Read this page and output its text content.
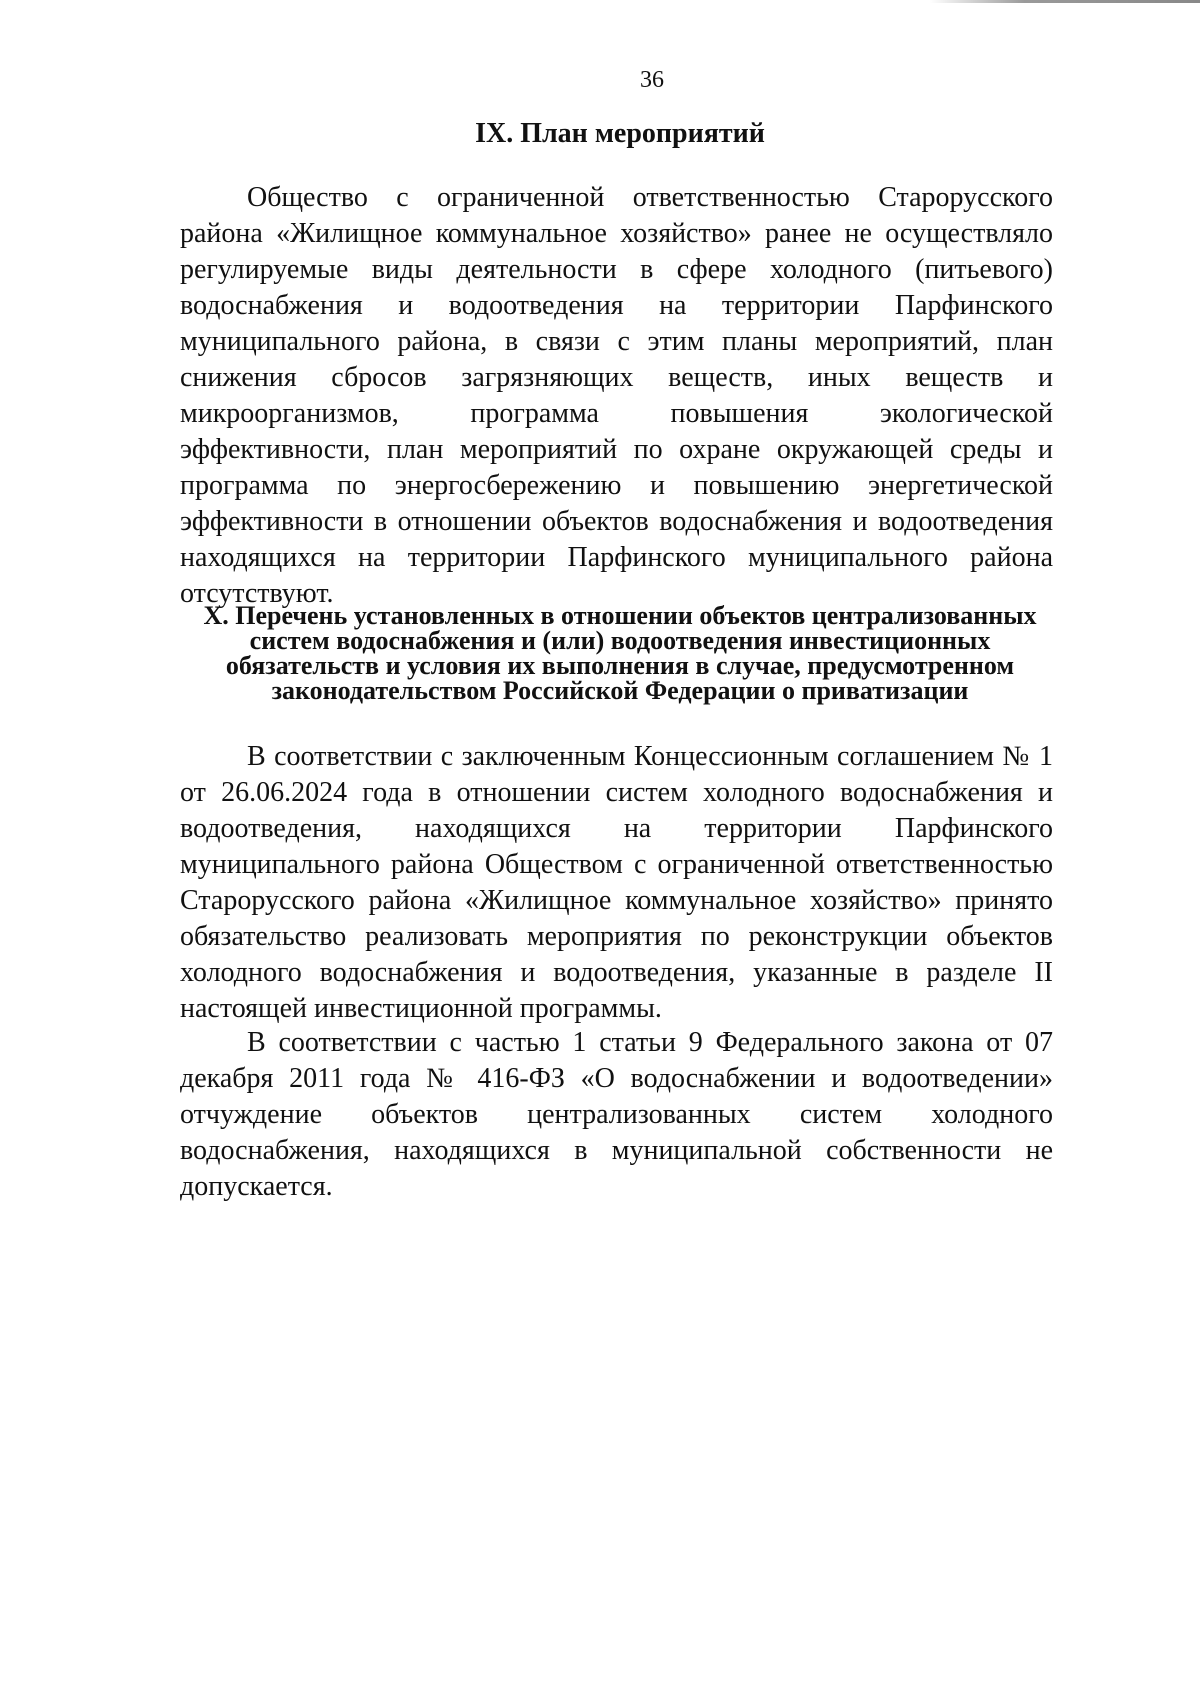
36
IX. План мероприятий

Общество с ограниченной ответственностью Старорусского района «Жилищное коммунальное хозяйство» ранее не осуществляло регулируемые виды деятельности в сфере холодного (питьевого) водоснабжения и водоотведения на территории Парфинского муниципального района, в связи с этим планы мероприятий, план снижения сбросов загрязняющих веществ, иных веществ и микроорганизмов, программа повышения экологической эффективности, план мероприятий по охране окружающей среды и программа по энергосбережению и повышению энергетической эффективности в отношении объектов водоснабжения и водоотведения находящихся на территории Парфинского муниципального района отсутствуют.

X. Перечень установленных в отношении объектов централизованных систем водоснабжения и (или) водоотведения инвестиционных обязательств и условия их выполнения в случае, предусмотренном законодательством Российской Федерации о приватизации

В соответствии с заключенным Концессионным соглашением № 1 от 26.06.2024 года в отношении систем холодного водоснабжения и водоотведения, находящихся на территории Парфинского муниципального района Обществом с ограниченной ответственностью Старорусского района «Жилищное коммунальное хозяйство» принято обязательство реализовать мероприятия по реконструкции объектов холодного водоснабжения и водоотведения, указанные в разделе II настоящей инвестиционной программы.

В соответствии с частью 1 статьи 9 Федерального закона от 07 декабря 2011 года № 416-ФЗ «О водоснабжении и водоотведении» отчуждение объектов централизованных систем холодного водоснабжения, находящихся в муниципальной собственности не допускается.
